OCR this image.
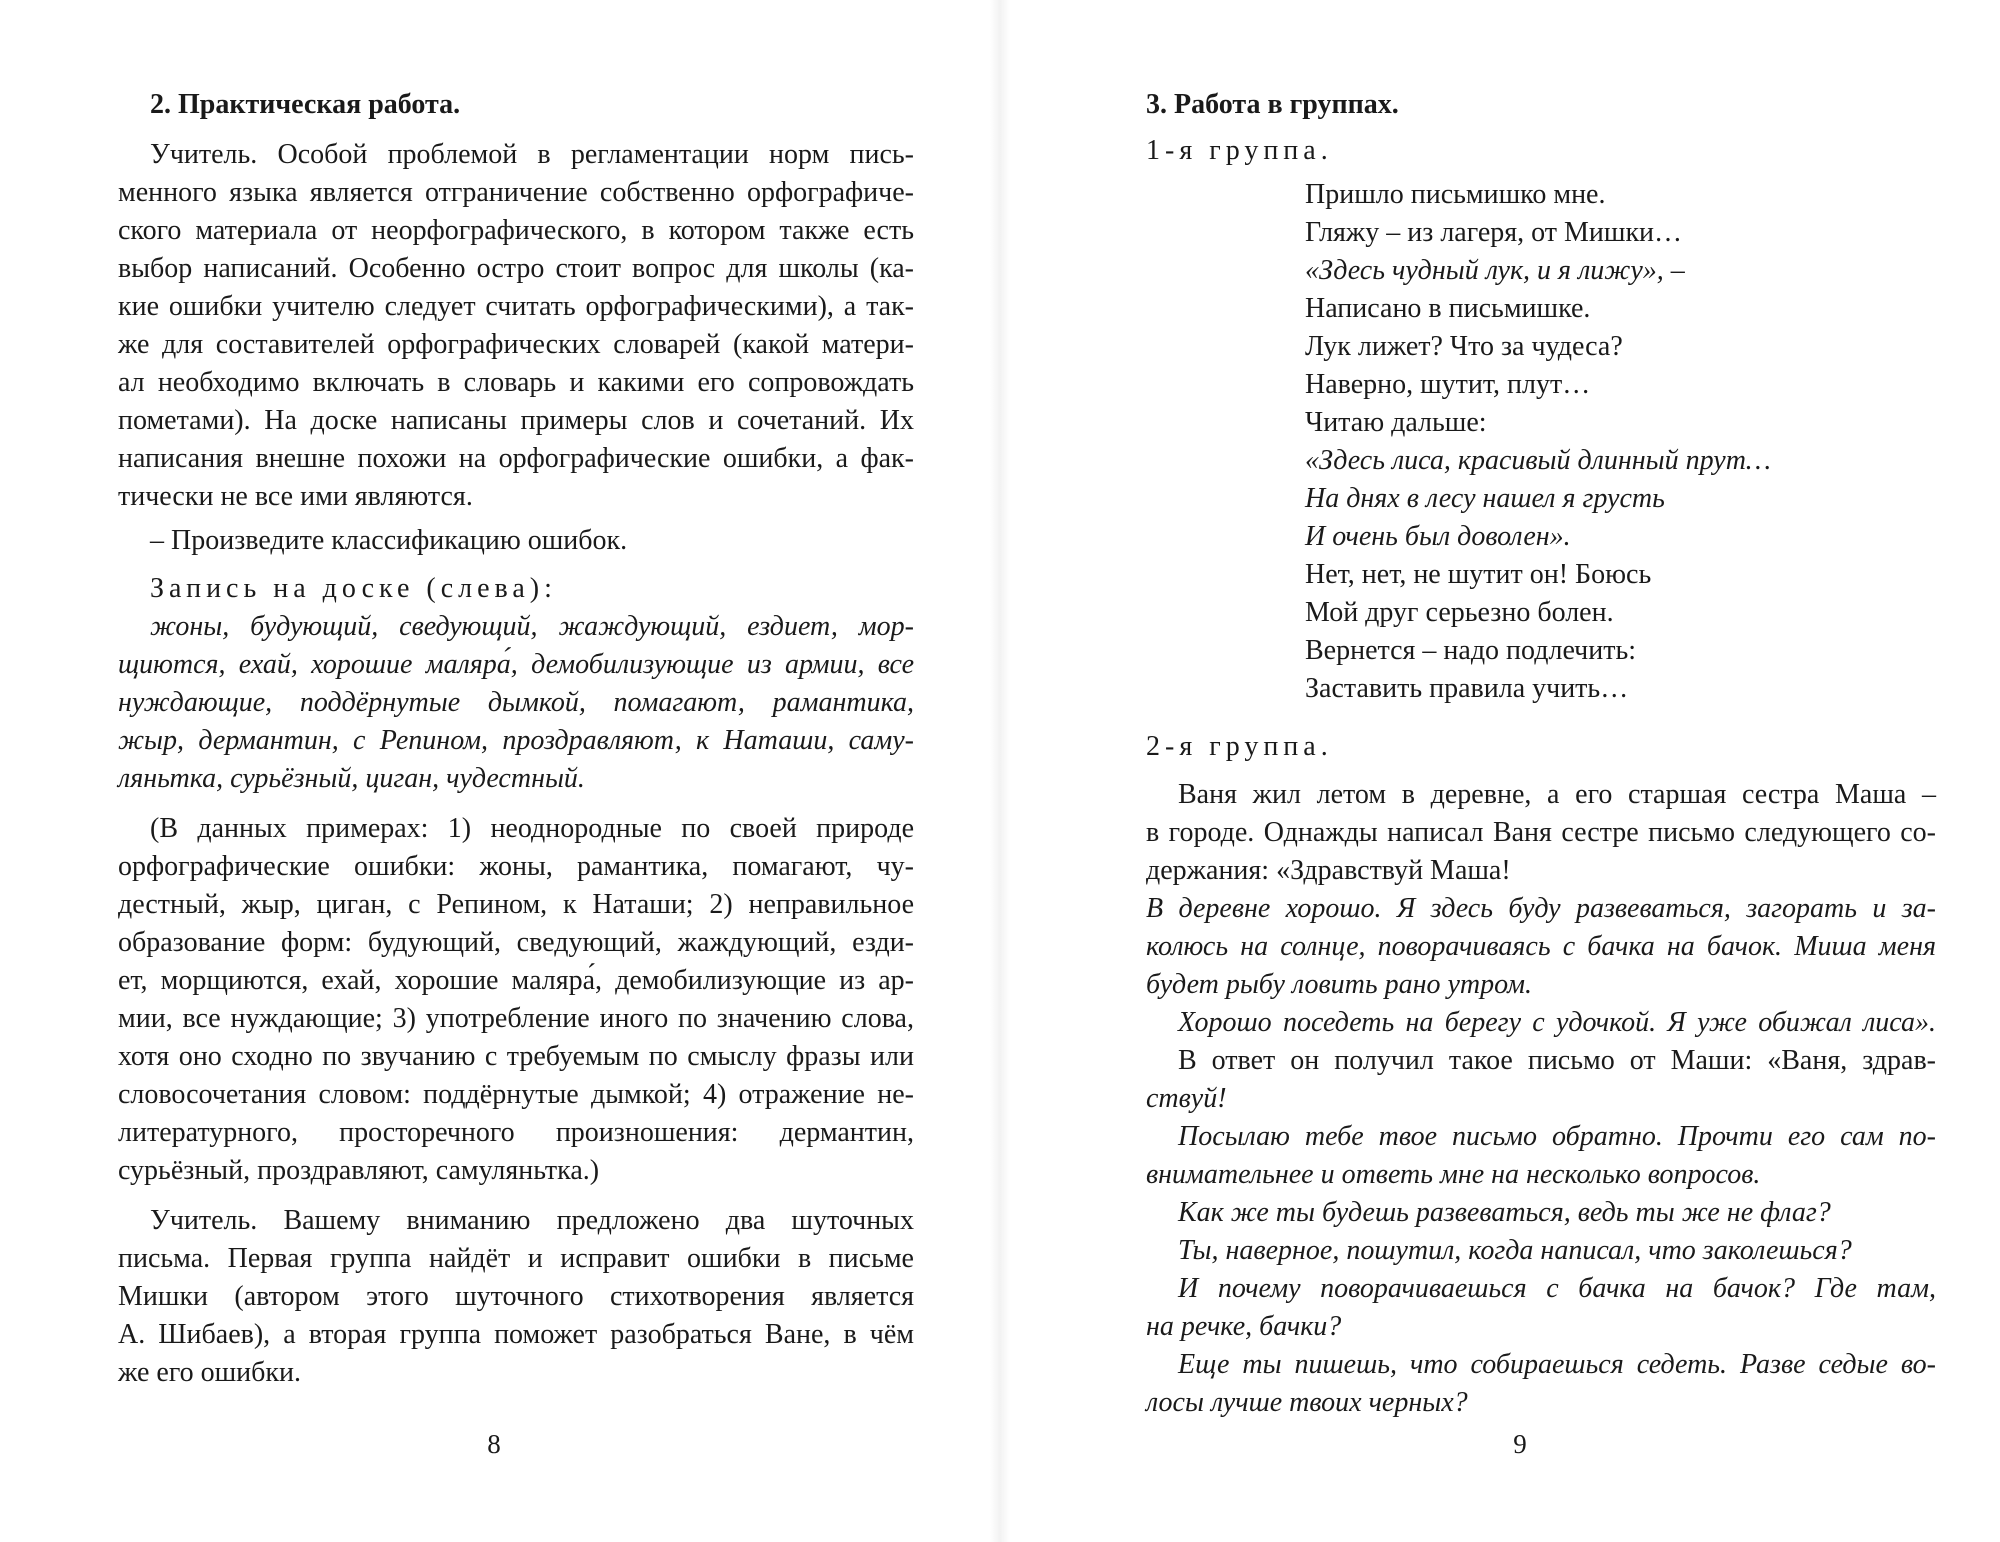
2. Практическая работа.
Учитель. Особой проблемой в регламентации норм пись-
менного языка является отграничение собственно орфографиче-
ского материала от неорфографического, в котором также есть
выбор написаний. Особенно остро стоит вопрос для школы (ка-
кие ошибки учителю следует считать орфографическими), а так-
же для составителей орфографических словарей (какой матери-
ал необходимо включать в словарь и какими его сопровождать
пометами). На доске написаны примеры слов и сочетаний. Их
написания внешне похожи на орфографические ошибки, а фак-
тически не все ими являются.
– Произведите классификацию ошибок.
Запись на доске (слева):
жоны, будующий, сведующий, жаждующий, ездиет, мор-
щиются, ехай, хорошие маляра́, демобилизующие из армии, все
нуждающие, поддёрнутые дымкой, помагают, рамантика,
жыр, дермантин, с Репином, проздравляют, к Наташи, саму-
ляньтка, сурьёзный, циган, чудестный.
(В данных примерах: 1) неоднородные по своей природе
орфографические ошибки: жоны, рамантика, помагают, чу-
дестный, жыр, циган, с Репином, к Наташи; 2) неправильное
образование форм: будующий, сведующий, жаждующий, езди-
ет, морщиются, ехай, хорошие маляра́, демобилизующие из ар-
мии, все нуждающие; 3) употребление иного по значению слова,
хотя оно сходно по звучанию с требуемым по смыслу фразы или
словосочетания словом: поддёрнутые дымкой; 4) отражение не-
литературного, просторечного произношения: дермантин,
сурьёзный, проздравляют, самуляньтка.)
Учитель. Вашему вниманию предложено два шуточных
письма. Первая группа найдёт и исправит ошибки в письме
Мишки (автором этого шуточного стихотворения является
А. Шибаев), а вторая группа поможет разобраться Ване, в чём
же его ошибки.
8
3. Работа в группах.
1-я группа.
Пришло письмишко мне.
Гляжу – из лагеря, от Мишки…
«Здесь чудный лук, и я лижу», –
Написано в письмишке.
Лук лижет? Что за чудеса?
Наверно, шутит, плут…
Читаю дальше:
«Здесь лиса, красивый длинный прут…
На днях в лесу нашел я грусть
И очень был доволен».
Нет, нет, не шутит он! Боюсь
Мой друг серьезно болен.
Вернется – надо подлечить:
Заставить правила учить…
2-я группа.
Ваня жил летом в деревне, а его старшая сестра Маша –
в городе. Однажды написал Ваня сестре письмо следующего со-
держания: «Здравствуй Маша!
В деревне хорошо. Я здесь буду развеваться, загорать и за-
колюсь на солнце, поворачиваясь с бачка на бачок. Миша меня
будет рыбу ловить рано утром.
Хорошо поседеть на берегу с удочкой. Я уже обижал лиса».
В ответ он получил такое письмо от Маши: «Ваня, здрав-
ствуй!
Посылаю тебе твое письмо обратно. Прочти его сам по-
внимательнее и ответь мне на несколько вопросов.
Как же ты будешь развеваться, ведь ты же не флаг?
Ты, наверное, пошутил, когда написал, что заколешься?
И почему поворачиваешься с бачка на бачок? Где там,
на речке, бачки?
Еще ты пишешь, что собираешься седеть. Разве седые во-
лосы лучше твоих черных?
9
